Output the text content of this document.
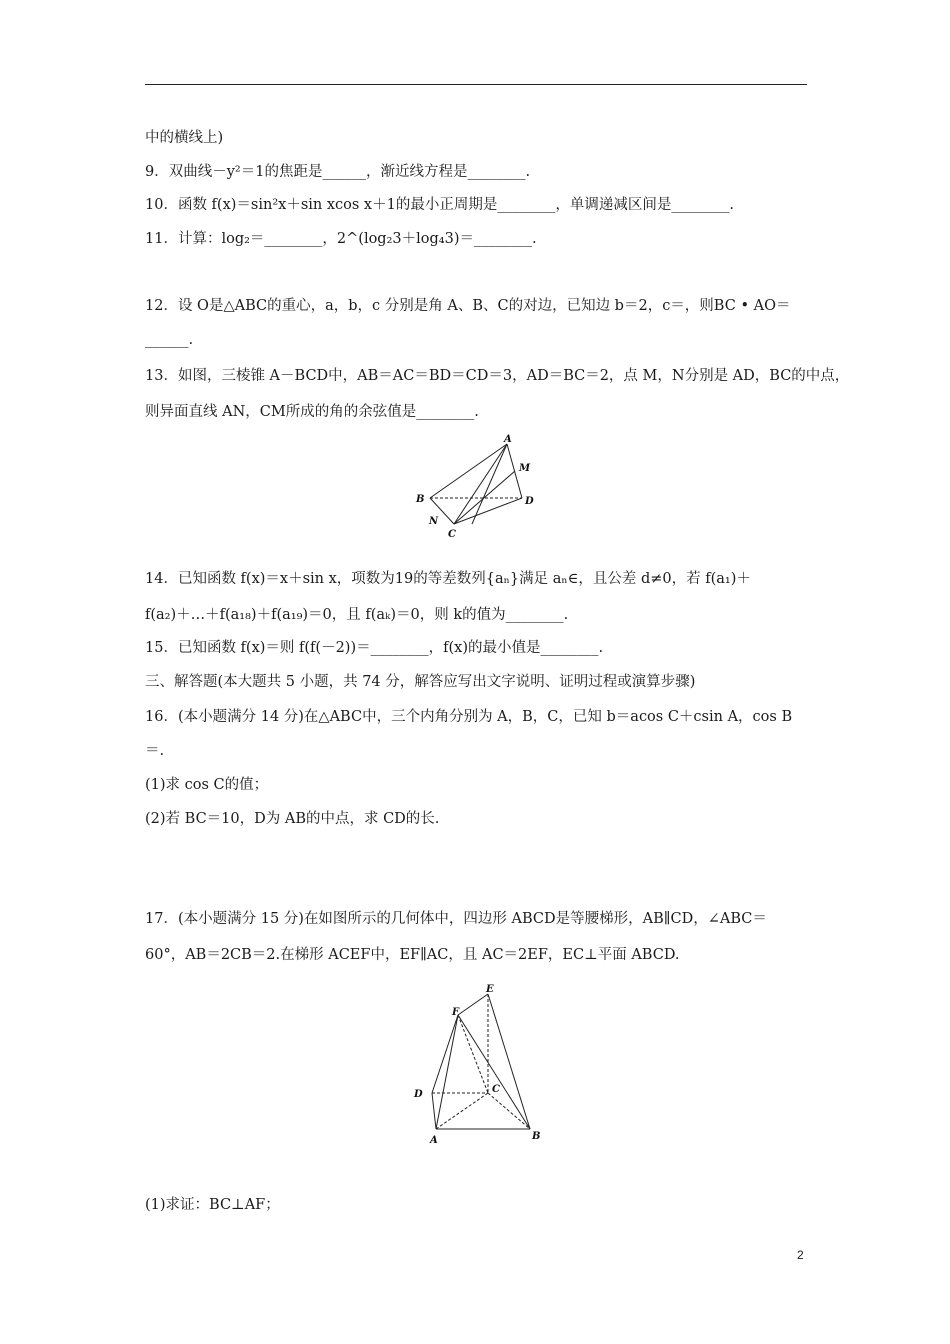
中的横线上)
9．双曲线－y²＝1的焦距是______，渐近线方程是________.
10．函数 f(x)＝sin²x＋sin xcos x＋1的最小正周期是________，单调递减区间是________.
11．计算：log₂＝________，2^(log₂3＋log₄3)＝________.
12．设 O是△ABC的重心，a，b，c 分别是角 A、B、C的对边，已知边 b＝2，c＝，则BC • AO＝
______.
13．如图，三棱锥 A－BCD中，AB＝AC＝BD＝CD＝3，AD＝BC＝2，点 M，N分别是 AD，BC的中点，
则异面直线 AN，CM所成的角的余弦值是________.
A
M
B	D
N
C
14．已知函数 f(x)＝x＋sin x，项数为19的等差数列{aₙ}满足 aₙ∈，且公差 d≠0，若 f(a₁)＋
f(a₂)＋…＋f(a₁₈)＋f(a₁₉)＝0，且 f(aₖ)＝0，则 k的值为________.
15．已知函数 f(x)＝则 f(f(－2))＝________，f(x)的最小值是________.
三、解答题(本大题共 5 小题，共 74 分，解答应写出文字说明、证明过程或演算步骤)
16．(本小题满分 14 分)在△ABC中，三个内角分别为 A，B，C，已知 b＝acos C＋csin A，cos B
＝.
(1)求 cos C的值；
(2)若 BC＝10，D为 AB的中点，求 CD的长.
17．(本小题满分 15 分)在如图所示的几何体中，四边形 ABCD是等腰梯形，AB∥CD，∠ABC＝
60°，AB＝2CB＝2.在梯形 ACEF中，EF∥AC，且 AC＝2EF，EC⊥平面 ABCD.
E
F
D	C
A	B
(1)求证：BC⊥AF；
2
